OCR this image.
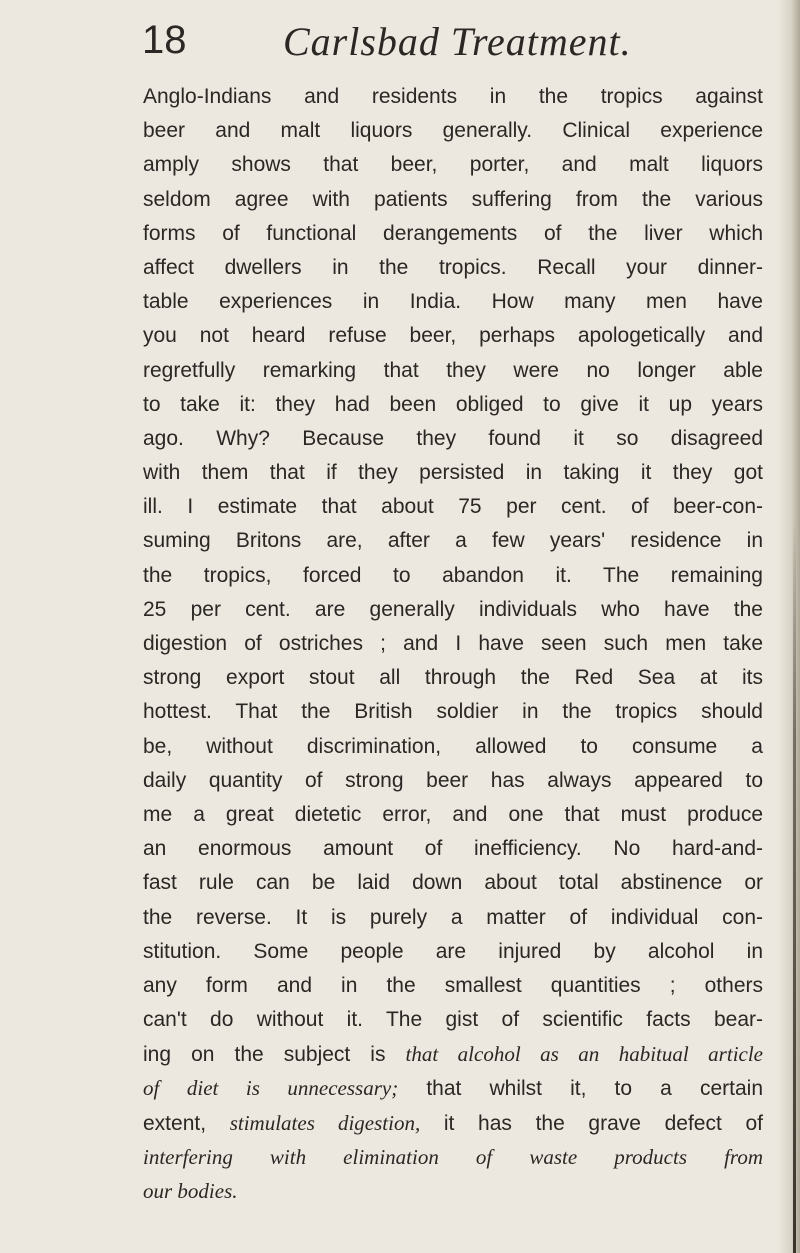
18 Carlsbad Treatment.
Anglo-Indians and residents in the tropics against
beer and malt liquors generally. Clinical experience
amply shows that beer, porter, and malt liquors
seldom agree with patients suffering from the various
forms of functional derangements of the liver which
affect dwellers in the tropics. Recall your dinner-
table experiences in India. How many men have
you not heard refuse beer, perhaps apologetically and
regretfully remarking that they were no longer able
to take it: they had been obliged to give it up years
ago. Why? Because they found it so disagreed
with them that if they persisted in taking it they got
ill. I estimate that about 75 per cent. of beer-con-
suming Britons are, after a few years' residence in
the tropics, forced to abandon it. The remaining
25 per cent. are generally individuals who have the
digestion of ostriches ; and I have seen such men take
strong export stout all through the Red Sea at its
hottest. That the British soldier in the tropics should
be, without discrimination, allowed to consume a
daily quantity of strong beer has always appeared to
me a great dietetic error, and one that must produce
an enormous amount of inefficiency. No hard-and-
fast rule can be laid down about total abstinence or
the reverse. It is purely a matter of individual con-
stitution. Some people are injured by alcohol in
any form and in the smallest quantities ; others
can't do without it. The gist of scientific facts bear-
ing on the subject is that alcohol as an habitual article
of diet is unnecessary; that whilst it, to a certain
extent, stimulates digestion, it has the grave defect of
interfering with elimination of waste products from
our bodies.
